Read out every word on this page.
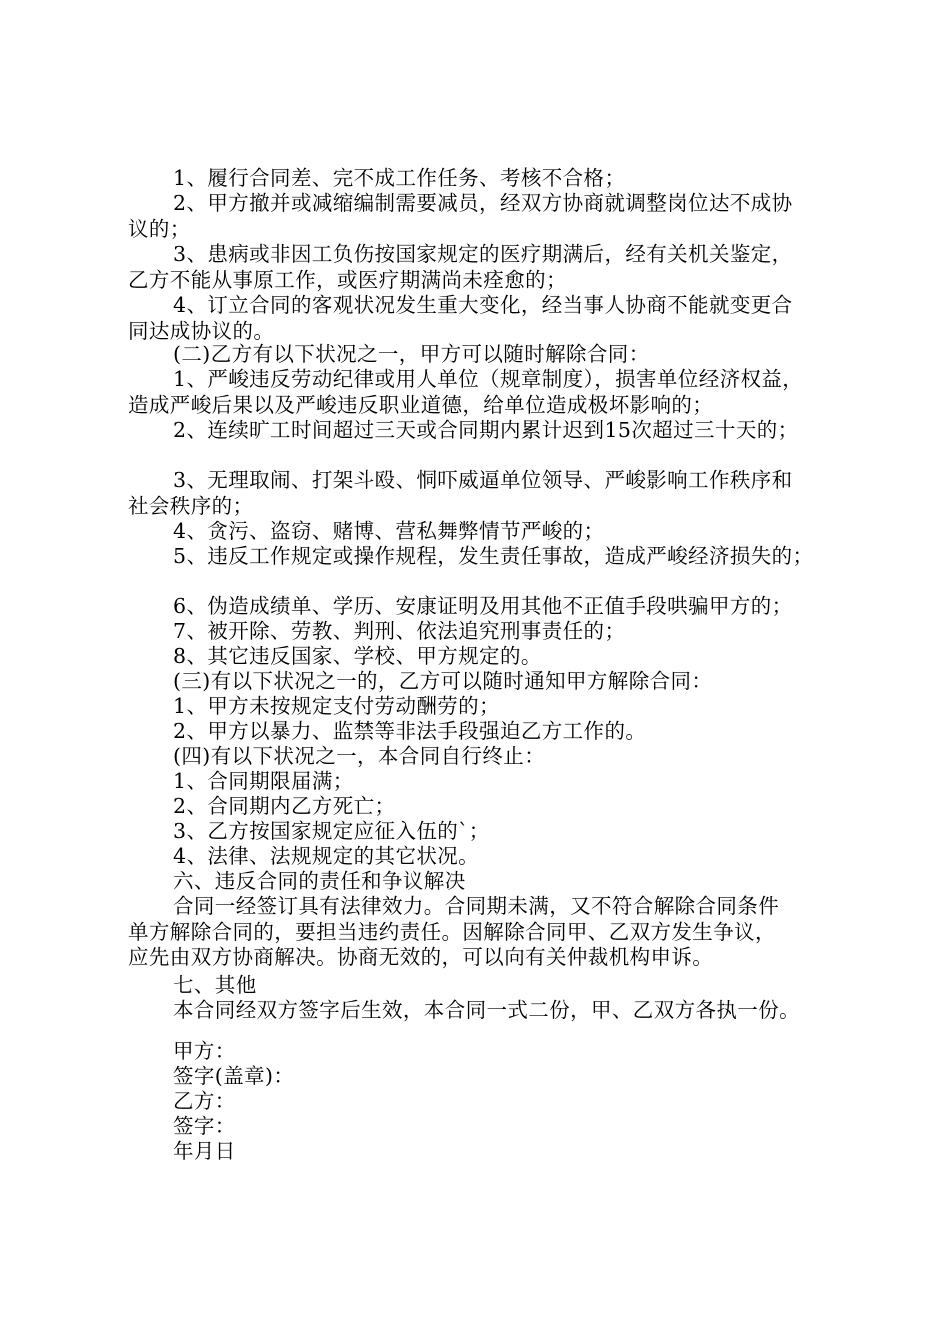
1、履行合同差、完不成工作任务、考核不合格；
2、甲方撤并或减缩编制需要减员，经双方协商就调整岗位达不成协
议的；
3、患病或非因工负伤按国家规定的医疗期满后，经有关机关鉴定，
乙方不能从事原工作，或医疗期满尚未痊愈的；
4、订立合同的客观状况发生重大变化，经当事人协商不能就变更合
同达成协议的。
(二)乙方有以下状况之一，甲方可以随时解除合同：
1、严峻违反劳动纪律或用人单位（规章制度），损害单位经济权益，
造成严峻后果以及严峻违反职业道德，给单位造成极坏影响的；
2、连续旷工时间超过三天或合同期内累计迟到15次超过三十天的；
3、无理取闹、打架斗殴、恫吓威逼单位领导、严峻影响工作秩序和
社会秩序的；
4、贪污、盗窃、赌博、营私舞弊情节严峻的；
5、违反工作规定或操作规程，发生责任事故，造成严峻经济损失的；
6、伪造成绩单、学历、安康证明及用其他不正值手段哄骗甲方的；
7、被开除、劳教、判刑、依法追究刑事责任的；
8、其它违反国家、学校、甲方规定的。
(三)有以下状况之一的，乙方可以随时通知甲方解除合同：
1、甲方未按规定支付劳动酬劳的；
2、甲方以暴力、监禁等非法手段强迫乙方工作的。
(四)有以下状况之一，本合同自行终止：
1、合同期限届满；
2、合同期内乙方死亡；
3、乙方按国家规定应征入伍的`；
4、法律、法规规定的其它状况。
六、违反合同的责任和争议解决
合同一经签订具有法律效力。合同期未满，又不符合解除合同条件
单方解除合同的，要担当违约责任。因解除合同甲、乙双方发生争议，
应先由双方协商解决。协商无效的，可以向有关仲裁机构申诉。
七、其他
本合同经双方签字后生效，本合同一式二份，甲、乙双方各执一份。
甲方：
签字(盖章)：
乙方：
签字：
年月日
